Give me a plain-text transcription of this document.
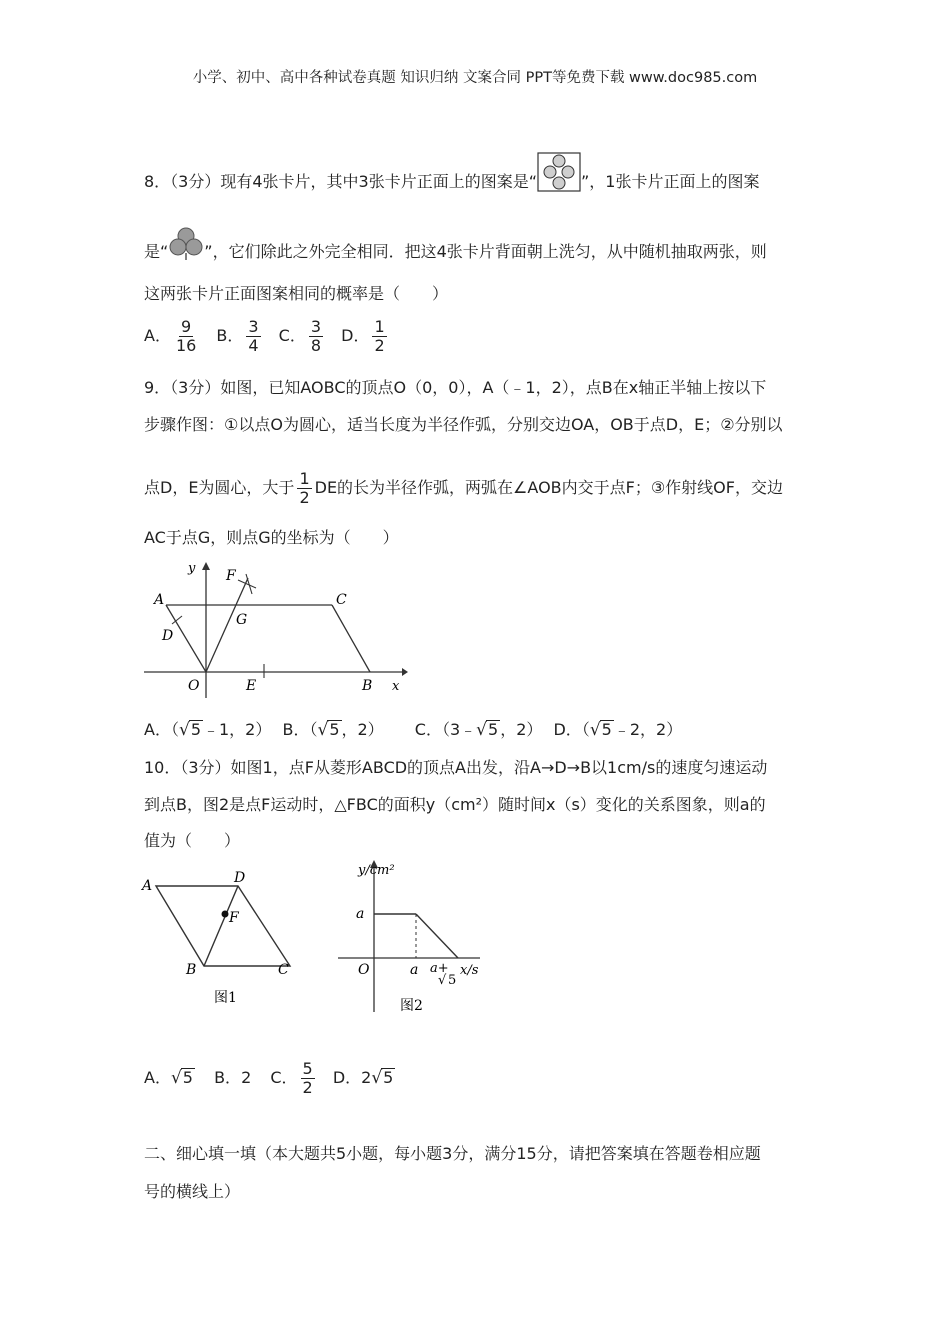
小学、初中、高中各种试卷真题 知识归纳 文案合同 PPT等免费下载 www.doc985.com
8．（3分）现有4张卡片，其中3张卡片正面上的图案是“	”，1张卡片正面上的图案
是“ ”，它们除此之外完全相同．把这4张卡片背面朝上洗匀，从中随机抽取两张，则
这两张卡片正面图案相同的概率是（　　）
A． $\frac{9}{16}$ B． $\frac{3}{4}$ C． $\frac{3}{8}$ D． $\frac{1}{2}$
9．（3分）如图，已知AOBC的顶点O（0，0），A（﹣1，2），点B在x轴正半轴上按以下
步骤作图：①以点O为圆心，适当长度为半径作弧，分别交边OA，OB于点D，E；②分别以
点D，E为圆心，大于 $\frac{1}{2}$ DE的长为半径作弧，两弧在∠AOB内交于点F；③作射线OF，交边
AC于点G，则点G的坐标为（　　）
y
x
A	C
F
G
D
O	E	B
A．（√5 ﹣1，2） B．（√5 ，2） C．（3﹣√5 ，2） D．（√5 ﹣2，2）
10．（3分）如图1，点F从菱形ABCD的顶点A出发，沿A→D→B以1cm/s的速度匀速运动
到点B，图2是点F运动时，△FBC的面积y（cm²）随时间x（s）变化的关系图象，则a的
值为（　　）
A	D
F
B	C
图1
y/cm²
a
O	a a+
√ 5
x/s
图2
A．√5 B．2 C． $\frac{5}{2}$ D．2√5
二、细心填一填（本大题共5小题，每小题3分，满分15分，请把答案填在答题卷相应题
号的横线上）
